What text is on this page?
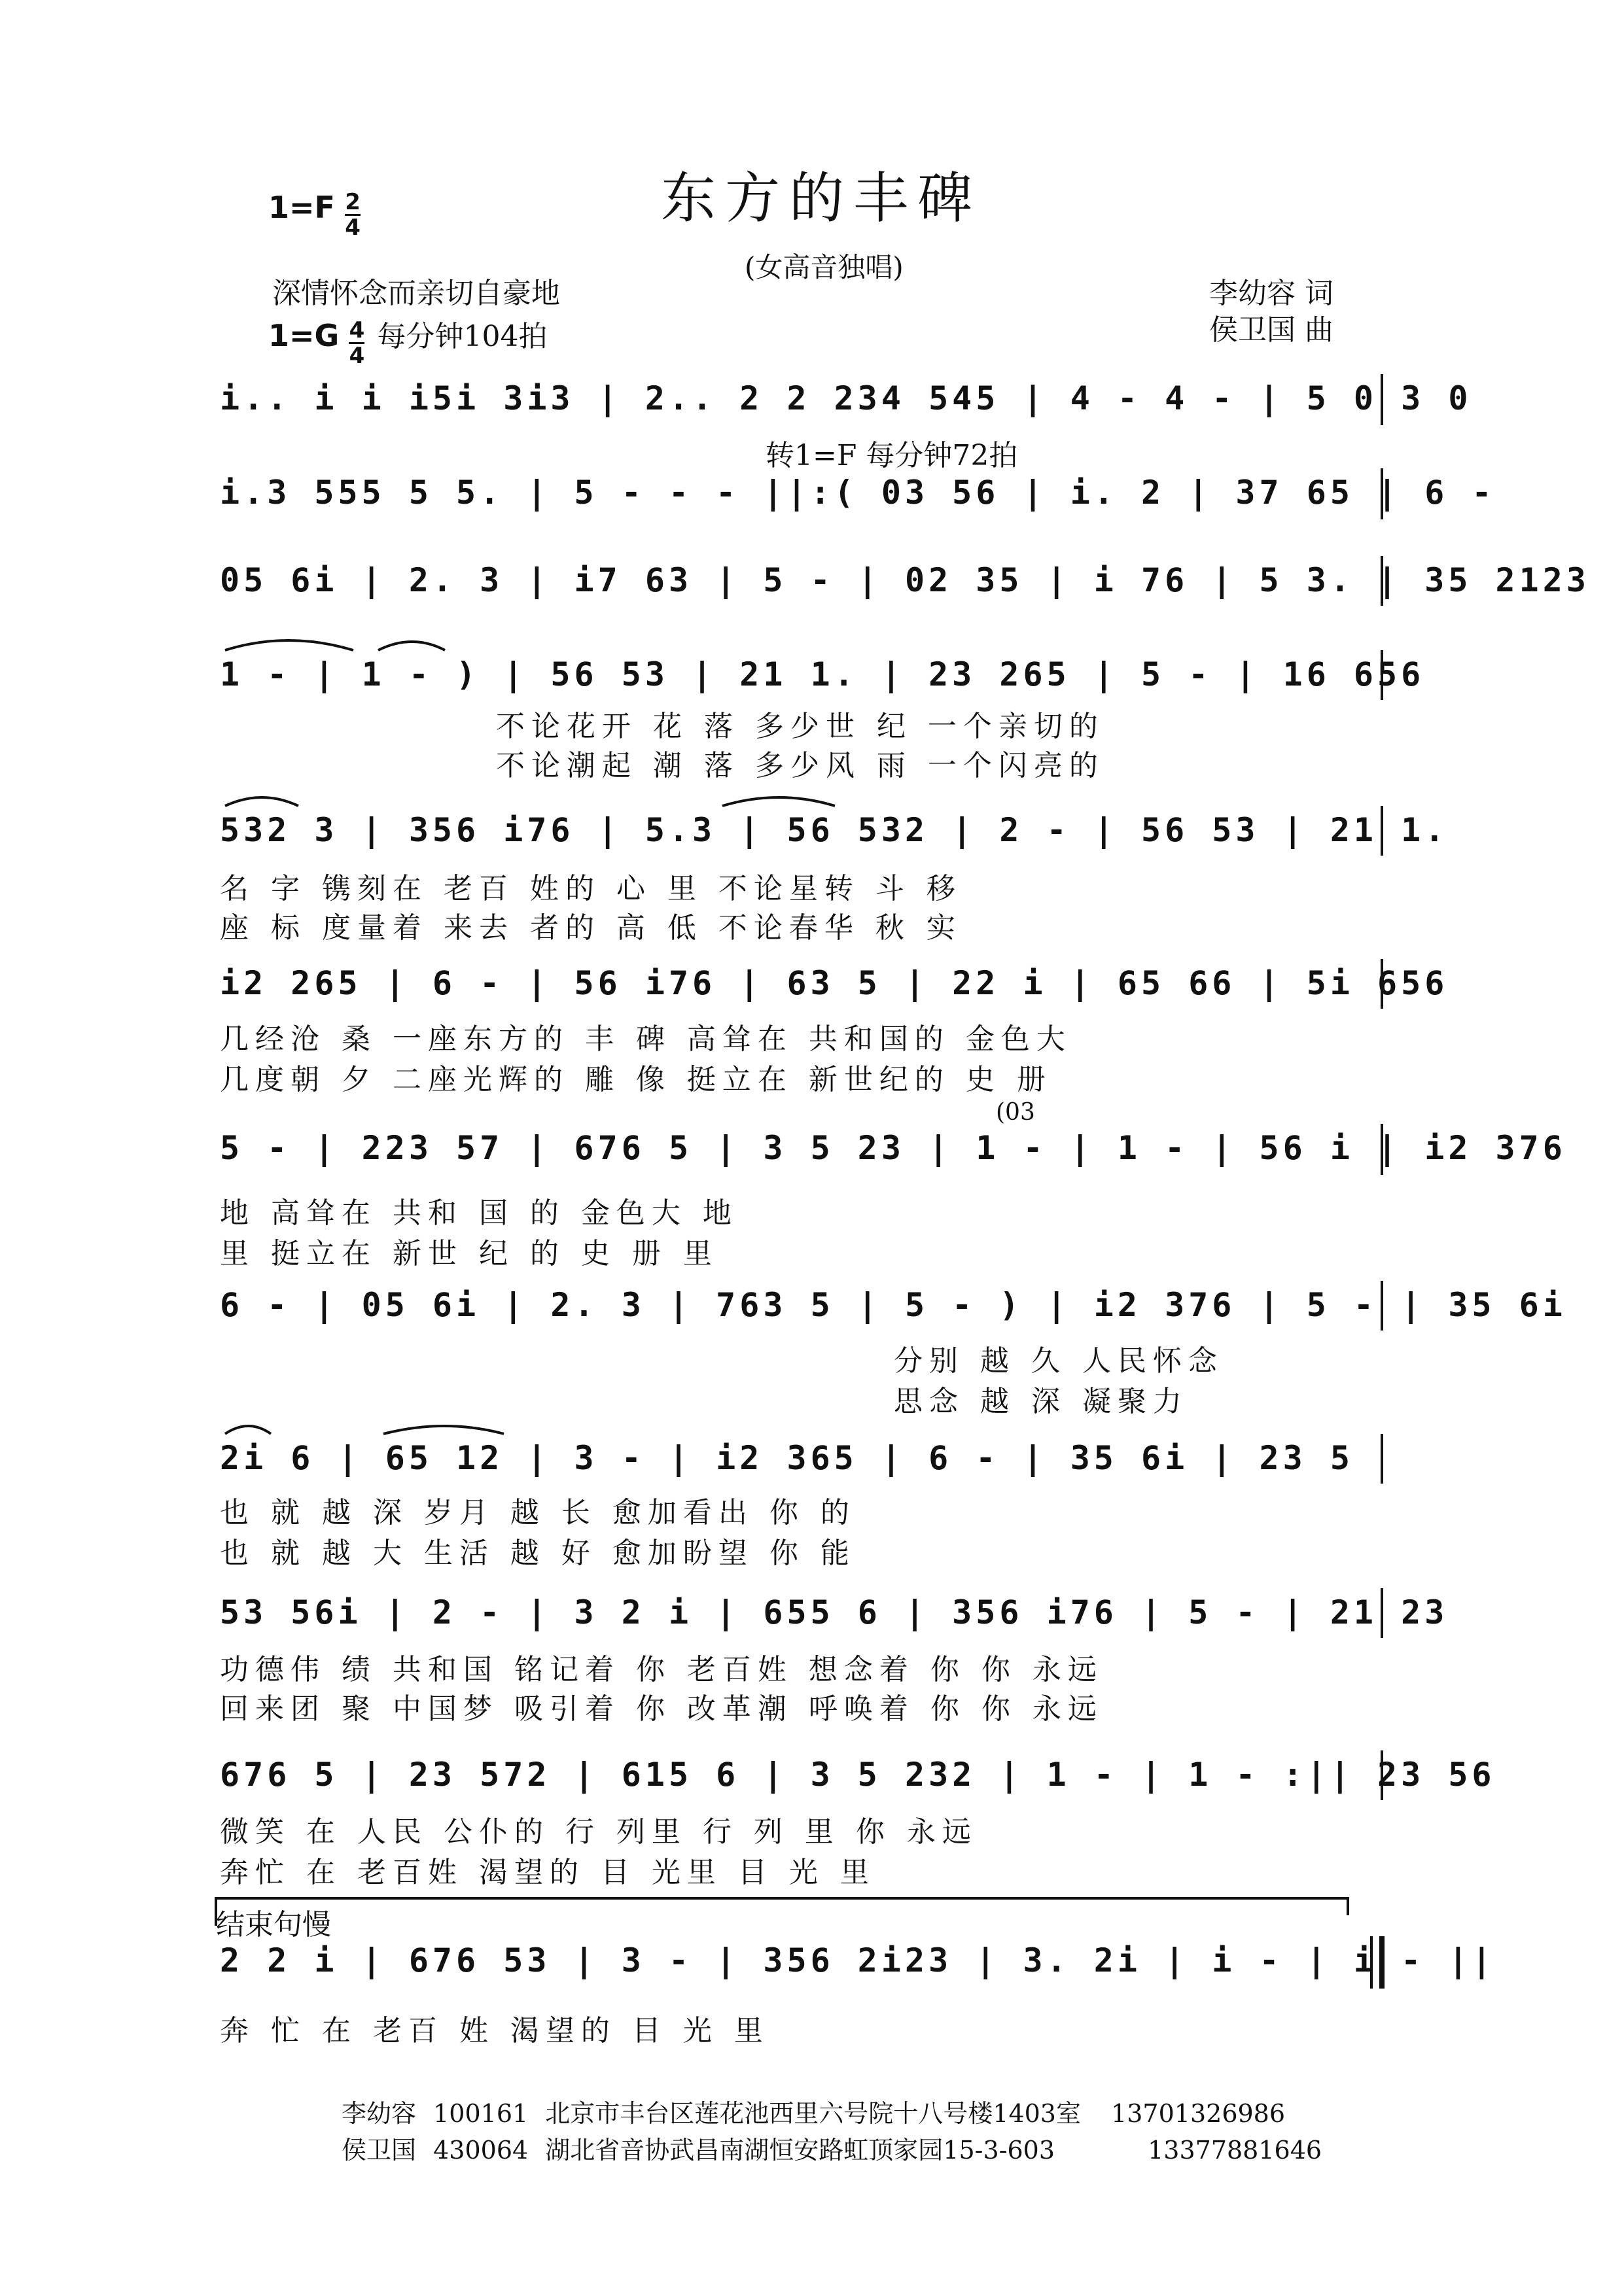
东方的丰碑
(女高音独唱)
$1=F \frac{2}{4}$
深情怀念而亲切自豪地
$1=G \frac{4}{4}$ 每分钟104拍
李幼容 词
侯卫国 曲
i.. i i i5i 3i3 | 2.. 2 2 234 545 | 4 - 4 - | 5 0 3 0
转1=F 每分钟72拍
i.3 555 5 5. | 5 - - - ||:( 03 56 | i. 2 | 37 65 | 6 -
05 6i | 2. 3 | i7 63 | 5 - | 02 35 | i 76 | 5 3. | 35 2123
1 - | 1 - ) | 56 53 | 21 1. | 23 265 | 5 - | 16 656
不论花开 花 落 多少世 纪 一个亲切的
不论潮起 潮 落 多少风 雨 一个闪亮的
532 3 | 356 i76 | 5.3 | 56 532 | 2 - | 56 53 | 21 1.
名 字 镌刻在 老百 姓的 心 里 不论星转 斗 移
座 标 度量着 来去 者的 高 低 不论春华 秋 实
i2 265 | 6 - | 56 i76 | 63 5 | 22 i | 65 66 | 5i 656
几经沧 桑 一座东方的 丰 碑 高耸在 共和国的 金色大
几度朝 夕 二座光辉的 雕 像 挺立在 新世纪的 史 册
(03
5 - | 223 57 | 676 5 | 3 5 23 | 1 - | 1 - | 56 i | i2 376
地 高耸在 共和 国 的 金色大 地
里 挺立在 新世 纪 的 史 册 里
6 - | 05 6i | 2. 3 | 763 5 | 5 - ) | i2 376 | 5 - | 35 6i
分别 越 久 人民怀念
思念 越 深 凝聚力
2i 6 | 65 12 | 3 - | i2 365 | 6 - | 35 6i | 23 5
也 就 越 深 岁月 越 长 愈加看出 你 的
也 就 越 大 生活 越 好 愈加盼望 你 能
53 56i | 2 - | 3 2 i | 655 6 | 356 i76 | 5 - | 21 23
功德伟 绩 共和国 铭记着 你 老百姓 想念着 你 你 永远
回来团 聚 中国梦 吸引着 你 改革潮 呼唤着 你 你 永远
676 5 | 23 572 | 615 6 | 3 5 232 | 1 - | 1 - :|| 23 56
微笑 在 人民 公仆的 行 列里 行 列 里 你 永远
奔忙 在 老百姓 渴望的 目 光里 目 光 里
结束句慢
2 2 i | 676 53 | 3 - | 356 2i23 | 3. 2i | i - | i - ||
奔 忙 在 老百 姓 渴望的 目 光 里
李幼容 100161 北京市丰台区莲花池西里六号院十八号楼1403室 13701326986
侯卫国 430064 湖北省音协武昌南湖恒安路虹顶家园15-3-603	13377881646
